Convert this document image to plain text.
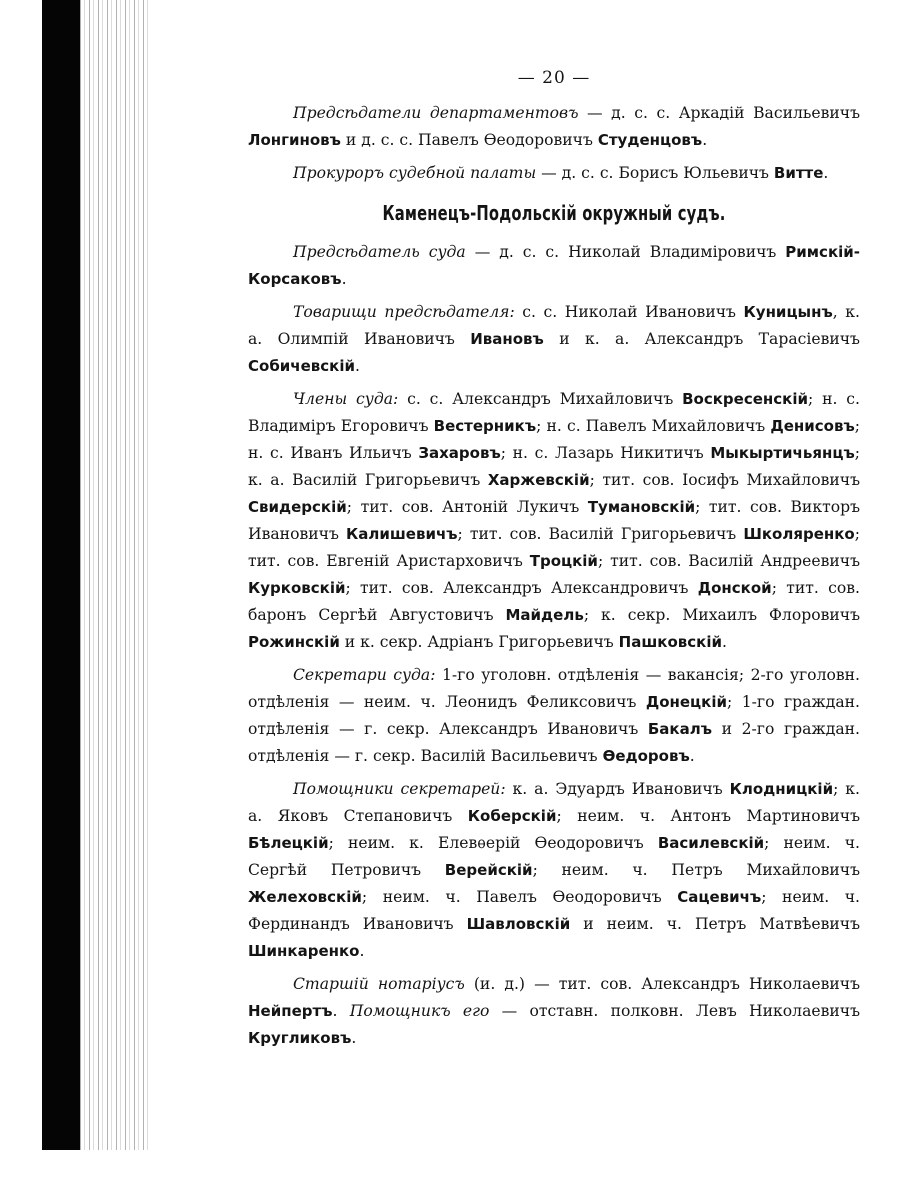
— 20 —

Предсѣдатели департаментовъ — д. с. с. Аркадій Васильевичъ Лонгиновъ и д. с. с. Павелъ Ѳеодоровичъ Студенцовъ.

Прокуроръ судебной палаты — д. с. с. Борисъ Юльевичъ Витте.

Каменецъ-Подольскій окружный судъ.

Предсѣдатель суда — д. с. с. Николай Владиміровичъ Римскій-Корсаковъ.

Товарищи предсѣдателя: с. с. Николай Ивановичъ Куницынъ, к. а. Олимпій Ивановичъ Ивановъ и к. а. Александръ Тарасіевичъ Собичевскій.

Члены суда: с. с. Александръ Михайловичъ Воскресенскій; н. с. Владиміръ Егоровичъ Вестерникъ; н. с. Павелъ Михайловичъ Денисовъ; н. с. Иванъ Ильичъ Захаровъ; н. с. Лазарь Никитичъ Мыкыртичьянцъ; к. а. Василій Григорьевичъ Харжевскій; тит. сов. Іосифъ Михайловичъ Свидерскій; тит. сов. Антоній Лукичъ Тумановскій; тит. сов. Викторъ Ивановичъ Калишевичъ; тит. сов. Василій Григорьевичъ Школяренко; тит. сов. Евгеній Аристарховичъ Троцкій; тит. сов. Василій Андреевичъ Курковскій; тит. сов. Александръ Александровичъ Донской; тит. сов. баронъ Сергѣй Августовичъ Майдель; к. секр. Михаилъ Флоровичъ Рожинскій и к. секр. Адріанъ Григорьевичъ Пашковскій.

Секретари суда: 1-го уголовн. отдѣленія — вакансія; 2-го уголовн. отдѣленія — неим. ч. Леонидъ Феликсовичъ Донецкій; 1-го граждан. отдѣленія — г. секр. Александръ Ивановичъ Бакалъ и 2-го граждан. отдѣленія — г. секр. Василій Васильевичъ Ѳедоровъ.

Помощники секретарей: к. а. Эдуардъ Ивановичъ Клодницкій; к. а. Яковъ Степановичъ Коберскій; неим. ч. Антонъ Мартиновичъ Бѣлецкій; неим. к. Елевѳерій Ѳеодоровичъ Василевскій; неим. ч. Сергѣй Петровичъ Верейскій; неим. ч. Петръ Михайловичъ Желеховскій; неим. ч. Павелъ Ѳеодоровичъ Сацевичъ; неим. ч. Фердинандъ Ивановичъ Шавловскій и неим. ч. Петръ Матвѣевичъ Шинкаренко.

Старшій нотаріусъ (и. д.) — тит. сов. Александръ Николаевичъ Нейпертъ. Помощникъ его — отставн. полковн. Левъ Николаевичъ Кругликовъ.
